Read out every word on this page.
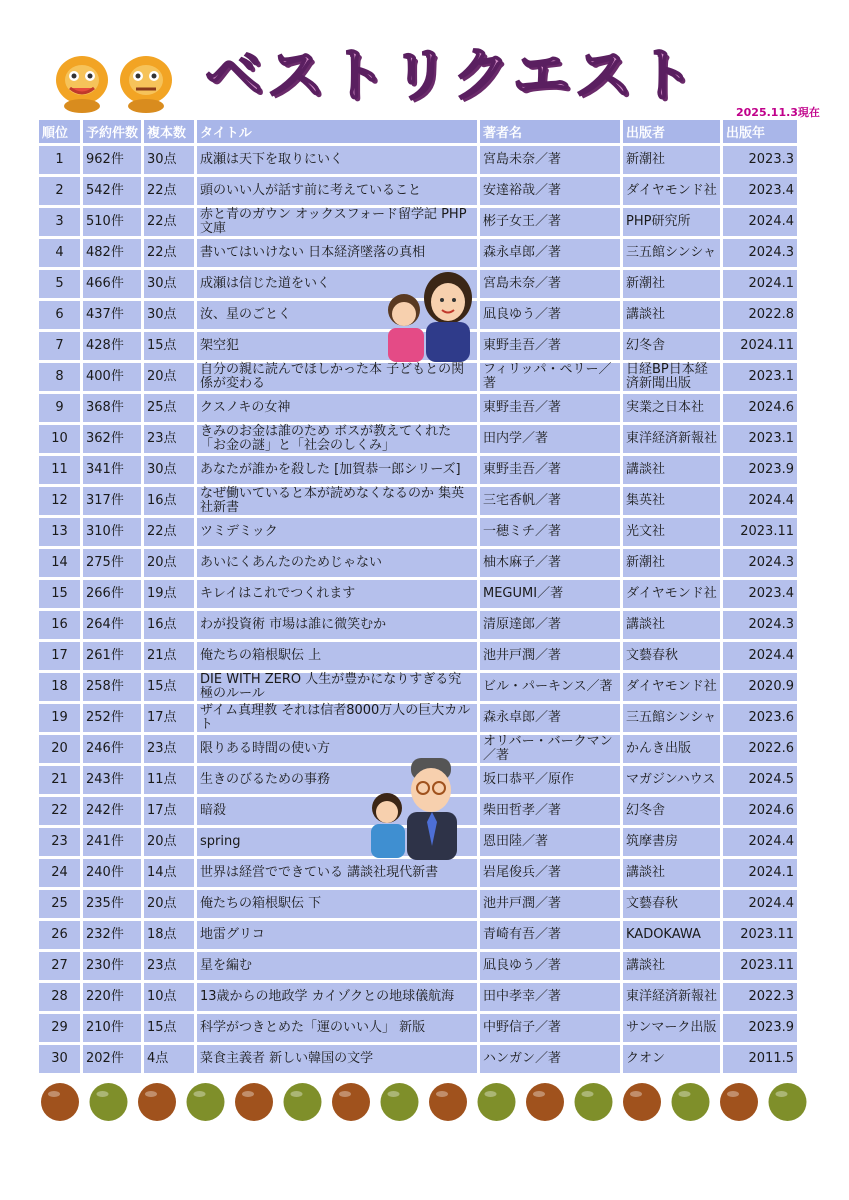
ベストリクエスト
2025.11.3現在
順位	予約件数	複本数	タイトル	著者名	出版者	出版年
1	962件	30点	成瀬は天下を取りにいく	宮島未奈／著	新潮社	2023.3
2	542件	22点	頭のいい人が話す前に考えていること	安達裕哉／著	ダイヤモンド社	2023.4
3	510件	22点	赤と青のガウン オックスフォード留学記 PHP文庫	彬子女王／著	PHP研究所	2024.4
4	482件	22点	書いてはいけない 日本経済墜落の真相	森永卓郎／著	三五館シンシャ	2024.3
5	466件	30点	成瀬は信じた道をいく	宮島未奈／著	新潮社	2024.1
6	437件	30点	汝、星のごとく	凪良ゆう／著	講談社	2022.8
7	428件	15点	架空犯	東野圭吾／著	幻冬舎	2024.11
8	400件	20点	自分の親に読んでほしかった本 子どもとの関係が変わる	フィリッパ・ペリー／著	日経BP日本経済新聞出版	2023.1
9	368件	25点	クスノキの女神	東野圭吾／著	実業之日本社	2024.6
10	362件	23点	きみのお金は誰のため ボスが教えてくれた「お金の謎」と「社会のしくみ」	田内学／著	東洋経済新報社	2023.1
11	341件	30点	あなたが誰かを殺した [加賀恭一郎シリーズ]	東野圭吾／著	講談社	2023.9
12	317件	16点	なぜ働いていると本が読めなくなるのか 集英社新書	三宅香帆／著	集英社	2024.4
13	310件	22点	ツミデミック	一穂ミチ／著	光文社	2023.11
14	275件	20点	あいにくあんたのためじゃない	柚木麻子／著	新潮社	2024.3
15	266件	19点	キレイはこれでつくれます	MEGUMI／著	ダイヤモンド社	2023.4
16	264件	16点	わが投資術 市場は誰に微笑むか	清原達郎／著	講談社	2024.3
17	261件	21点	俺たちの箱根駅伝 上	池井戸潤／著	文藝春秋	2024.4
18	258件	15点	DIE WITH ZERO 人生が豊かになりすぎる究極のルール	ビル・パーキンス／著	ダイヤモンド社	2020.9
19	252件	17点	ザイム真理教 それは信者8000万人の巨大カルト	森永卓郎／著	三五館シンシャ	2023.6
20	246件	23点	限りある時間の使い方	オリバー・バークマン／著	かんき出版	2022.6
21	243件	11点	生きのびるための事務	坂口恭平／原作	マガジンハウス	2024.5
22	242件	17点	暗殺	柴田哲孝／著	幻冬舎	2024.6
23	241件	20点	spring	恩田陸／著	筑摩書房	2024.4
24	240件	14点	世界は経営でできている 講談社現代新書	岩尾俊兵／著	講談社	2024.1
25	235件	20点	俺たちの箱根駅伝 下	池井戸潤／著	文藝春秋	2024.4
26	232件	18点	地雷グリコ	青崎有吾／著	KADOKAWA	2023.11
27	230件	23点	星を編む	凪良ゆう／著	講談社	2023.11
28	220件	10点	13歳からの地政学 カイゾクとの地球儀航海	田中孝幸／著	東洋経済新報社	2022.3
29	210件	15点	科学がつきとめた「運のいい人」 新版	中野信子／著	サンマーク出版	2023.9
30	202件	4点	菜食主義者 新しい韓国の文学	ハンガン／著	クオン	2011.5
